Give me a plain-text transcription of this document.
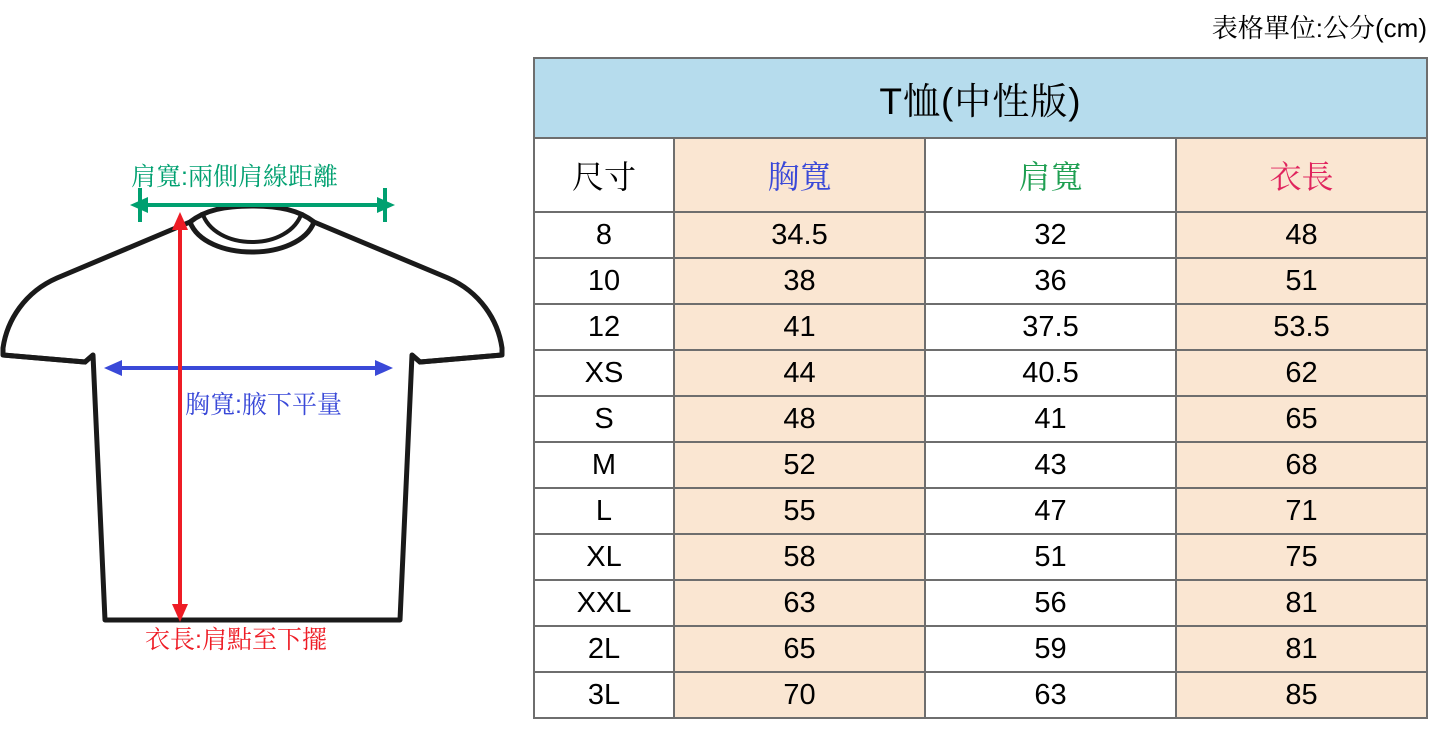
肩寬:兩側肩線距離
胸寬:腋下平量
衣長:肩點至下擺
表格單位:公分(cm)
T恤(中性版)			
尺寸	胸寬	肩寬	衣長
8	34.5	32	48
10	38	36	51
12	41	37.5	53.5
XS	44	40.5	62
S	48	41	65
M	52	43	68
L	55	47	71
XL	58	51	75
XXL	63	56	81
2L	65	59	81
3L	70	63	85
